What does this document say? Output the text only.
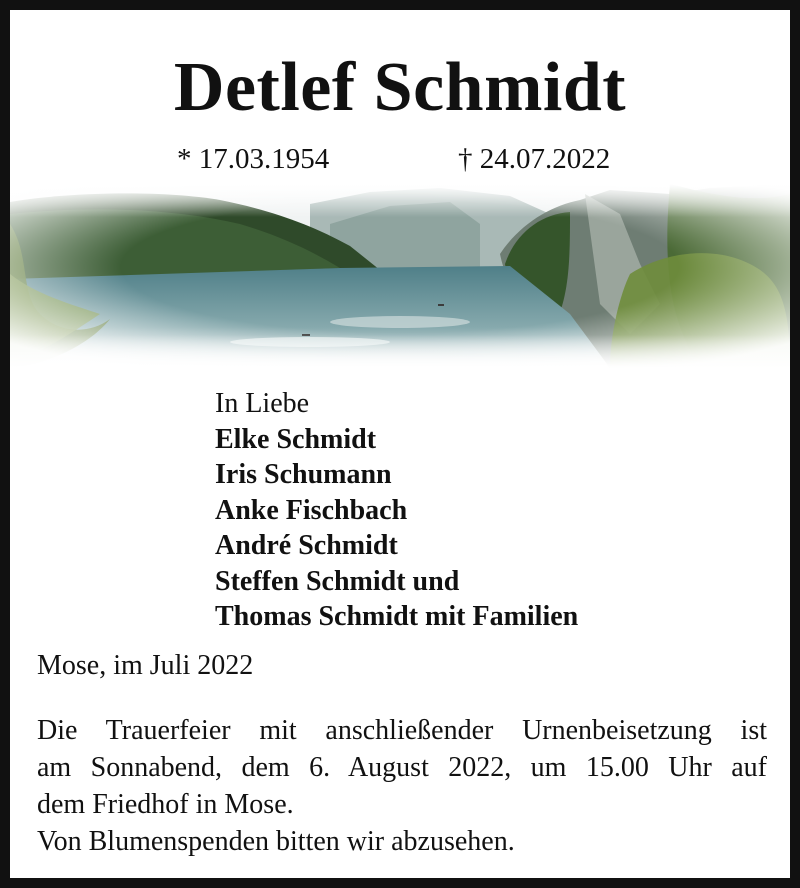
Detlef Schmidt
* 17.03.1954	† 24.07.2022
In Liebe
Elke Schmidt
Iris Schumann
Anke Fischbach
André Schmidt
Steffen Schmidt und
Thomas Schmidt mit Familien
Mose, im Juli 2022
Die Trauerfeier mit anschließender Urnenbeisetzung ist
am Sonnabend, dem 6. August 2022, um 15.00 Uhr auf
dem Friedhof in Mose.
Von Blumenspenden bitten wir abzusehen.
